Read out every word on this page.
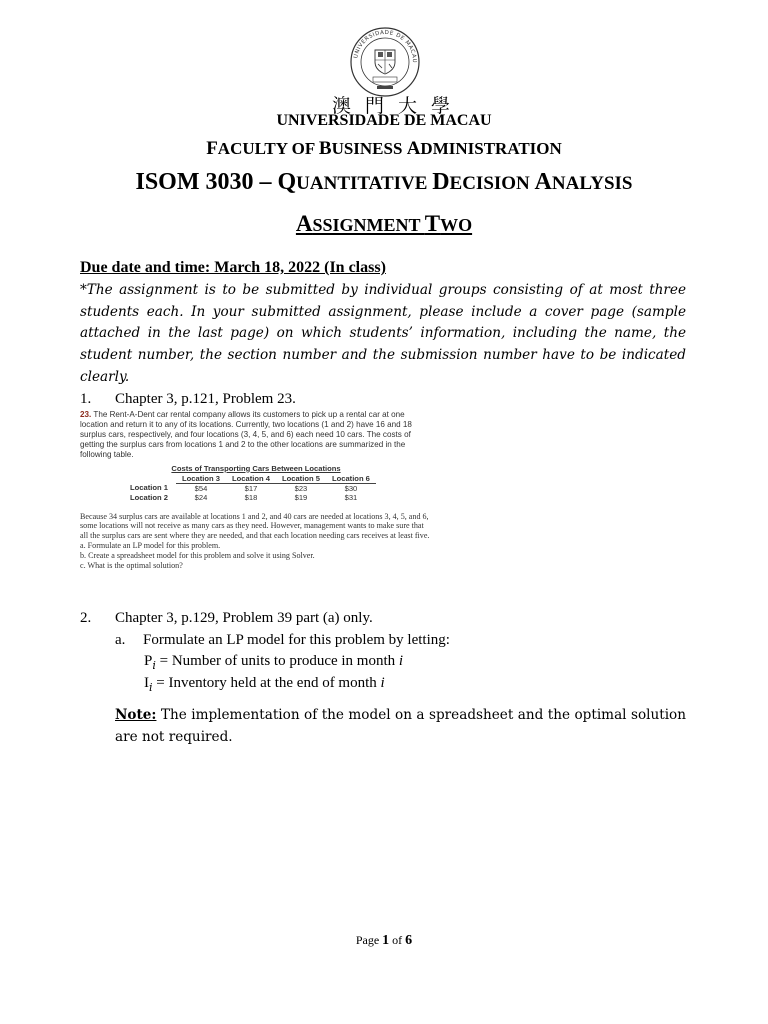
UNIVERSIDADE DE MACAU
澳門大學
UNIVERSIDADE DE MACAU
FACULTY OF BUSINESS ADMINISTRATION
ISOM 3030 – QUANTITATIVE DECISION ANALYSIS
ASSIGNMENT TWO
Due date and time: March 18, 2022 (In class)
*The assignment is to be submitted by individual groups consisting of at most three students each. In your submitted assignment, please include a cover page (sample attached in the last page) on which students’ information, including the name, the student number, the section number and the submission number have to be indicated clearly.
1. Chapter 3, p.121, Problem 23.
23. The Rent-A-Dent car rental company allows its customers to pick up a rental car at one location and return it to any of its locations. Currently, two locations (1 and 2) have 16 and 18 surplus cars, respectively, and four locations (3, 4, 5, and 6) each need 10 cars. The costs of getting the surplus cars from locations 1 and 2 to the other locations are summarized in the following table.
Costs of Transporting Cars Between Locations
	Location 3	Location 4	Location 5	Location 6
Location 1	$54	$17	$23	$30
Location 2	$24	$18	$19	$31
Because 34 surplus cars are available at locations 1 and 2, and 40 cars are needed at locations 3, 4, 5, and 6, some locations will not receive as many cars as they need. However, management wants to make sure that all the surplus cars are sent where they are needed, and that each location needing cars receives at least five.
a. Formulate an LP model for this problem.
b. Create a spreadsheet model for this problem and solve it using Solver.
c. What is the optimal solution?
2. Chapter 3, p.129, Problem 39 part (a) only.
a. Formulate an LP model for this problem by letting:
$P_i$ = Number of units to produce in month i
$I_i$ = Inventory held at the end of month i
Note: The implementation of the model on a spreadsheet and the optimal solution are not required.
Page 1 of 6
